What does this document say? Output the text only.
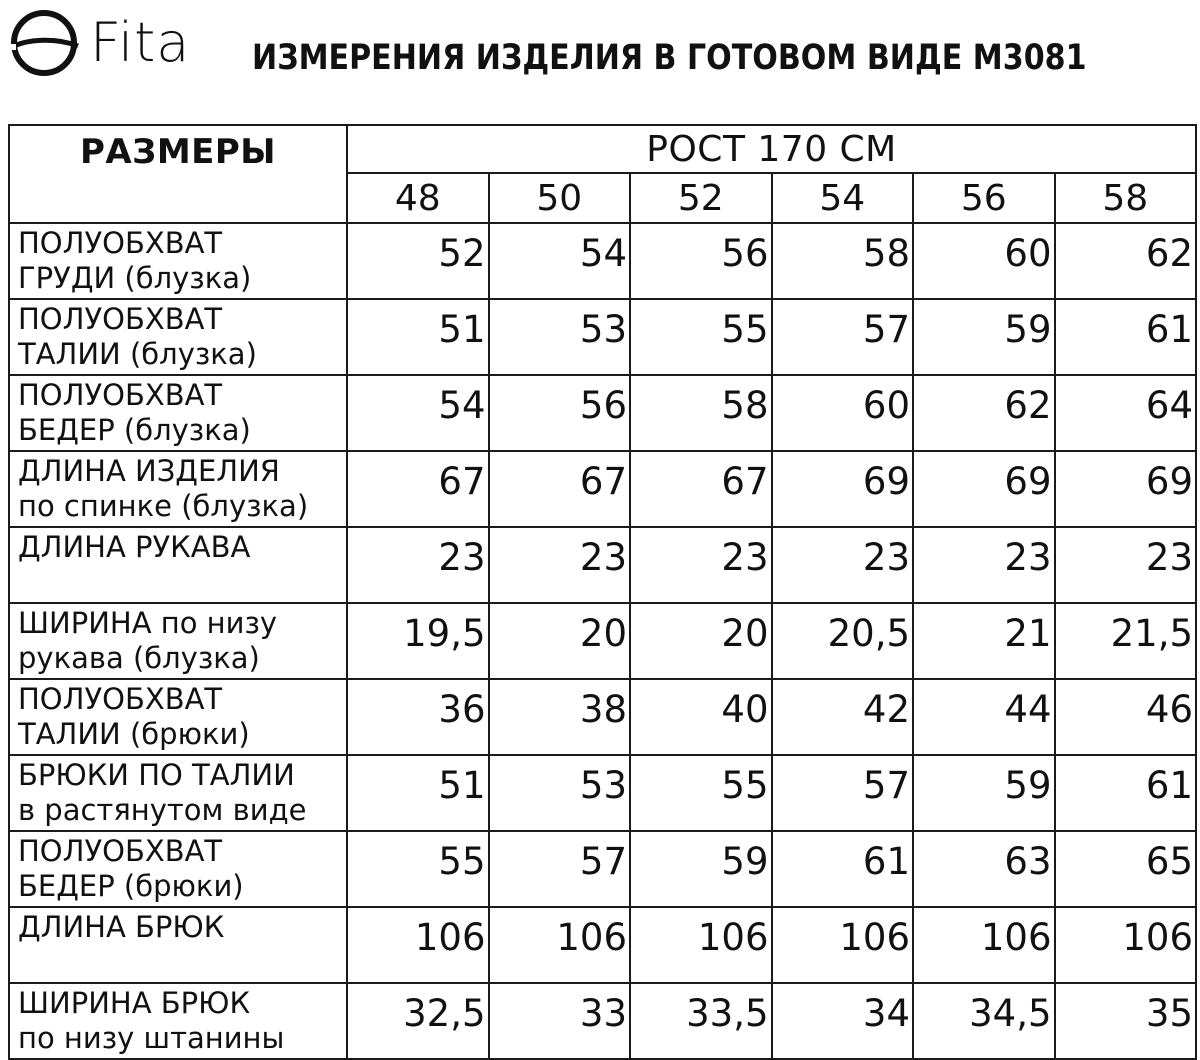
Fita ИЗМЕРЕНИЯ ИЗДЕЛИЯ В ГОТОВОМ ВИДЕ М3081
РАЗМЕРЫ	РОСТ 170 СМ					
	48	50	52	54	56	58

ПОЛУОБХВАТ
ГРУДИ (блузка)	52	54	56	58	60	62

ПОЛУОБХВАТ
ТАЛИИ (блузка)	51	53	55	57	59	61

ПОЛУОБХВАТ
БЕДЕР (блузка)	54	56	58	60	62	64

ДЛИНА ИЗДЕЛИЯ
по спинке (блузка)	67	67	67	69	69	69

ДЛИНА РУКАВА	23	23	23	23	23	23

ШИРИНА по низу
рукава (блузка)	19,5	20	20	20,5	21	21,5

ПОЛУОБХВАТ
ТАЛИИ (брюки)	36	38	40	42	44	46

БРЮКИ ПО ТАЛИИ
в растянутом виде	51	53	55	57	59	61

ПОЛУОБХВАТ
БЕДЕР (брюки)	55	57	59	61	63	65

ДЛИНА БРЮК	106	106	106	106	106	106

ШИРИНА БРЮК
по низу штанины	32,5	33	33,5	34	34,5	35
